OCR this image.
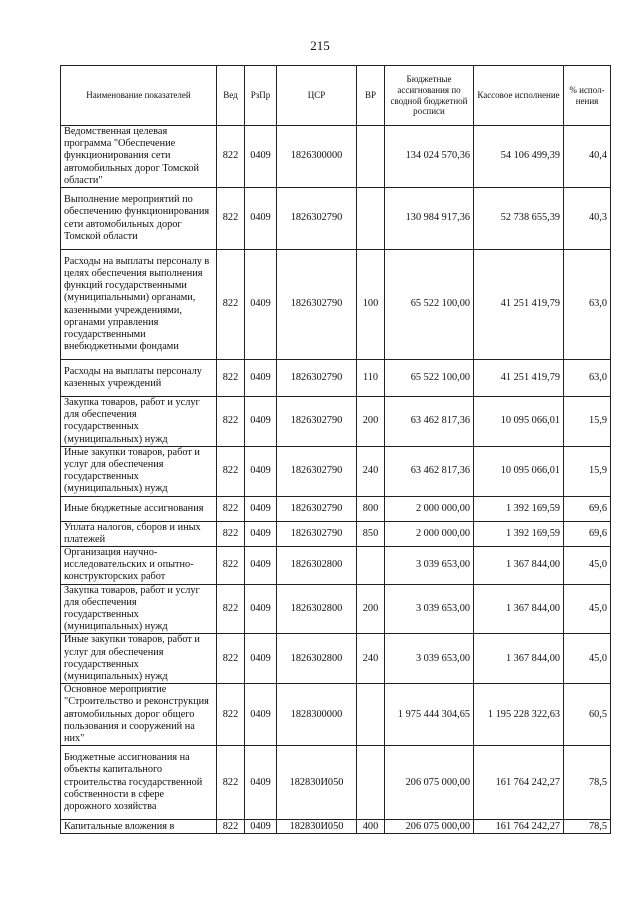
215
Наименование показателей	Вед	РзПр	ЦСР	ВР	Бюджетные ассигнования по сводной бюджетной росписи	Кассовое исполнение	% испол-нения
Ведомственная целевая программа "Обеспечение функционирования сети автомобильных дорог Томской области"	822	0409	1826300000		134 024 570,36	54 106 499,39	40,4
Выполнение мероприятий по обеспечению функционирования сети автомобильных дорог Томской области	822	0409	1826302790		130 984 917,36	52 738 655,39	40,3
Расходы на выплаты персоналу в целях обеспечения выполнения функций государственными (муниципальными) органами, казенными учреждениями, органами управления государственными внебюджетными фондами	822	0409	1826302790	100	65 522 100,00	41 251 419,79	63,0
Расходы на выплаты персоналу казенных учреждений	822	0409	1826302790	110	65 522 100,00	41 251 419,79	63,0
Закупка товаров, работ и услуг для обеспечения государственных (муниципальных) нужд	822	0409	1826302790	200	63 462 817,36	10 095 066,01	15,9
Иные закупки товаров, работ и услуг для обеспечения государственных (муниципальных) нужд	822	0409	1826302790	240	63 462 817,36	10 095 066,01	15,9
Иные бюджетные ассигнования	822	0409	1826302790	800	2 000 000,00	1 392 169,59	69,6
Уплата налогов, сборов и иных платежей	822	0409	1826302790	850	2 000 000,00	1 392 169,59	69,6
Организация научно-исследовательских и опытно-конструкторских работ	822	0409	1826302800		3 039 653,00	1 367 844,00	45,0
Закупка товаров, работ и услуг для обеспечения государственных (муниципальных) нужд	822	0409	1826302800	200	3 039 653,00	1 367 844,00	45,0
Иные закупки товаров, работ и услуг для обеспечения государственных (муниципальных) нужд	822	0409	1826302800	240	3 039 653,00	1 367 844,00	45,0
Основное мероприятие "Строительство и реконструкция автомобильных дорог общего пользования и сооружений на них"	822	0409	1828300000		1 975 444 304,65	1 195 228 322,63	60,5
Бюджетные ассигнования на объекты капитального строительства государственной собственности в сфере дорожного хозяйства	822	0409	182830И050		206 075 000,00	161 764 242,27	78,5
Капитальные вложения в	822	0409	182830И050	400	206 075 000,00	161 764 242,27	78,5
